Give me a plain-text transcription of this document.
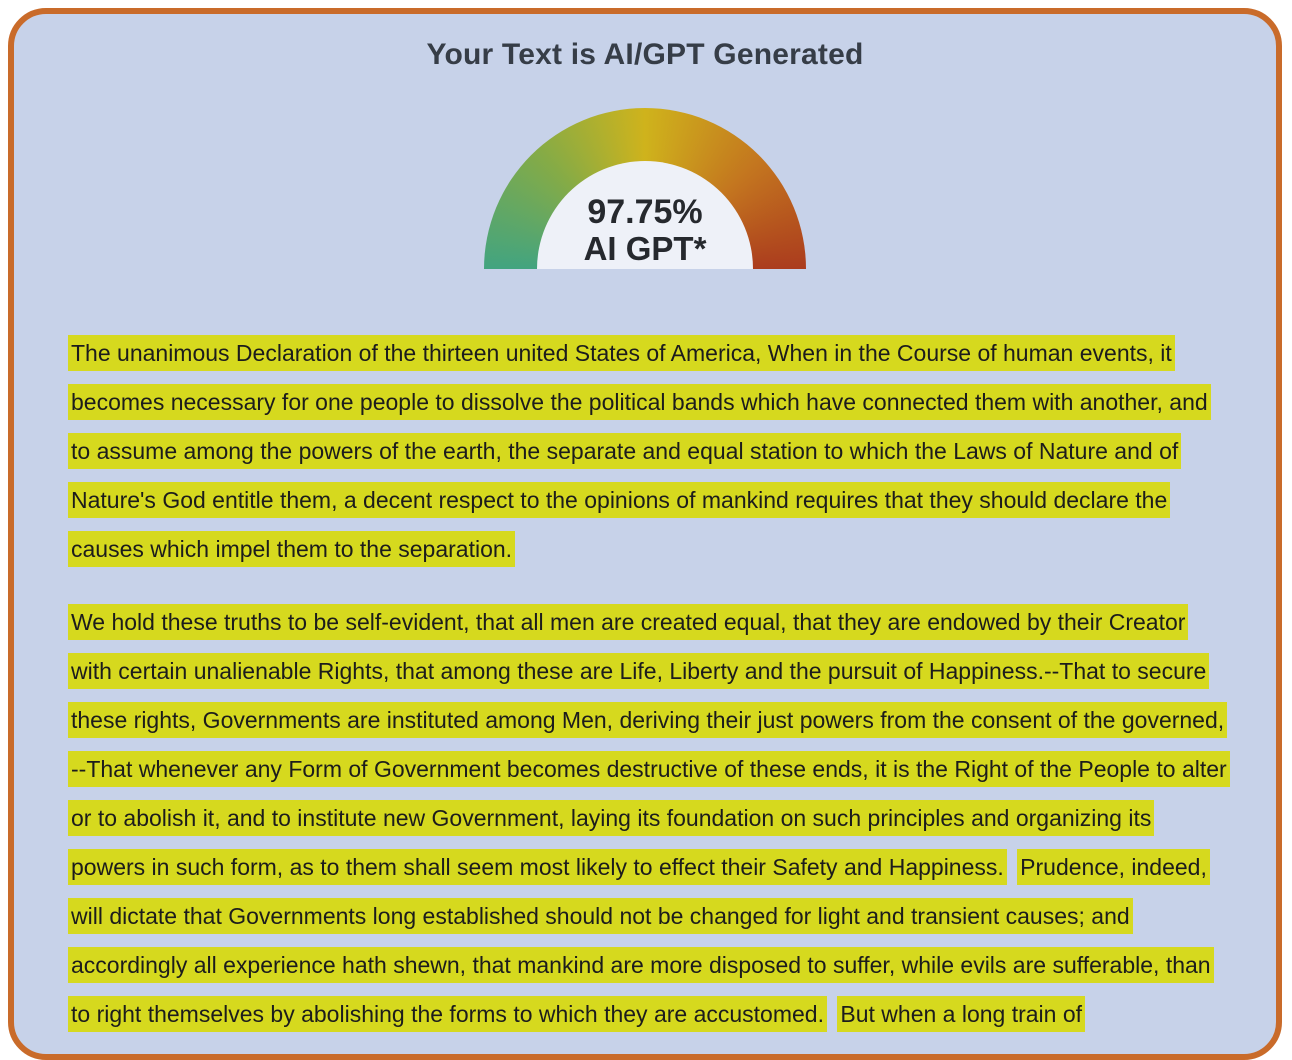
Your Text is AI/GPT Generated
97.75%
AI GPT*

The unanimous Declaration of the thirteen united States of America, When in the Course of human events, it becomes necessary for one people to dissolve the political bands which have connected them with another, and to assume among the powers of the earth, the separate and equal station to which the Laws of Nature and of Nature's God entitle them, a decent respect to the opinions of mankind requires that they should declare the causes which impel them to the separation.

We hold these truths to be self-evident, that all men are created equal, that they are endowed by their Creator with certain unalienable Rights, that among these are Life, Liberty and the pursuit of Happiness.--That to secure these rights, Governments are instituted among Men, deriving their just powers from the consent of the governed, --That whenever any Form of Government becomes destructive of these ends, it is the Right of the People to alter or to abolish it, and to institute new Government, laying its foundation on such principles and organizing its powers in such form, as to them shall seem most likely to effect their Safety and Happiness. Prudence, indeed, will dictate that Governments long established should not be changed for light and transient causes; and accordingly all experience hath shewn, that mankind are more disposed to suffer, while evils are sufferable, than to right themselves by abolishing the forms to which they are accustomed. But when a long train of
